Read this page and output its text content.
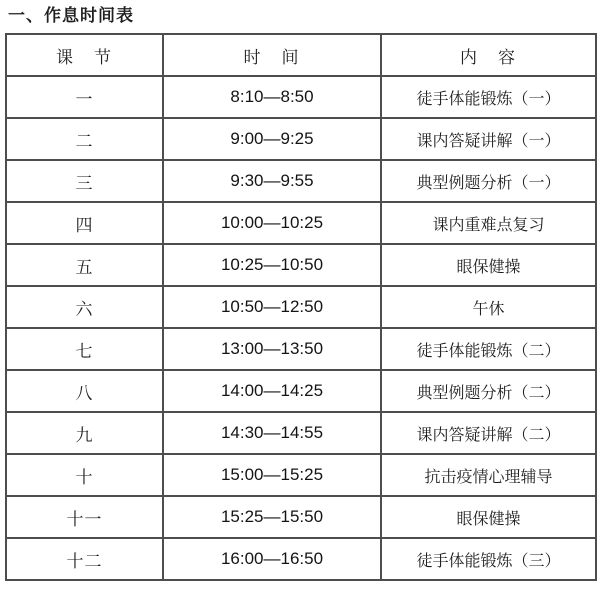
一、作息时间表
课　节	时　间	内　容
一	8:10—8:50	徒手体能锻炼（一）
二	9:00—9:25	课内答疑讲解（一）
三	9:30—9:55	典型例题分析（一）
四	10:00—10:25	课内重难点复习
五	10:25—10:50	眼保健操
六	10:50—12:50	午休
七	13:00—13:50	徒手体能锻炼（二）
八	14:00—14:25	典型例题分析（二）
九	14:30—14:55	课内答疑讲解（二）
十	15:00—15:25	抗击疫情心理辅导
十一	15:25—15:50	眼保健操
十二	16:00—16:50	徒手体能锻炼（三）
